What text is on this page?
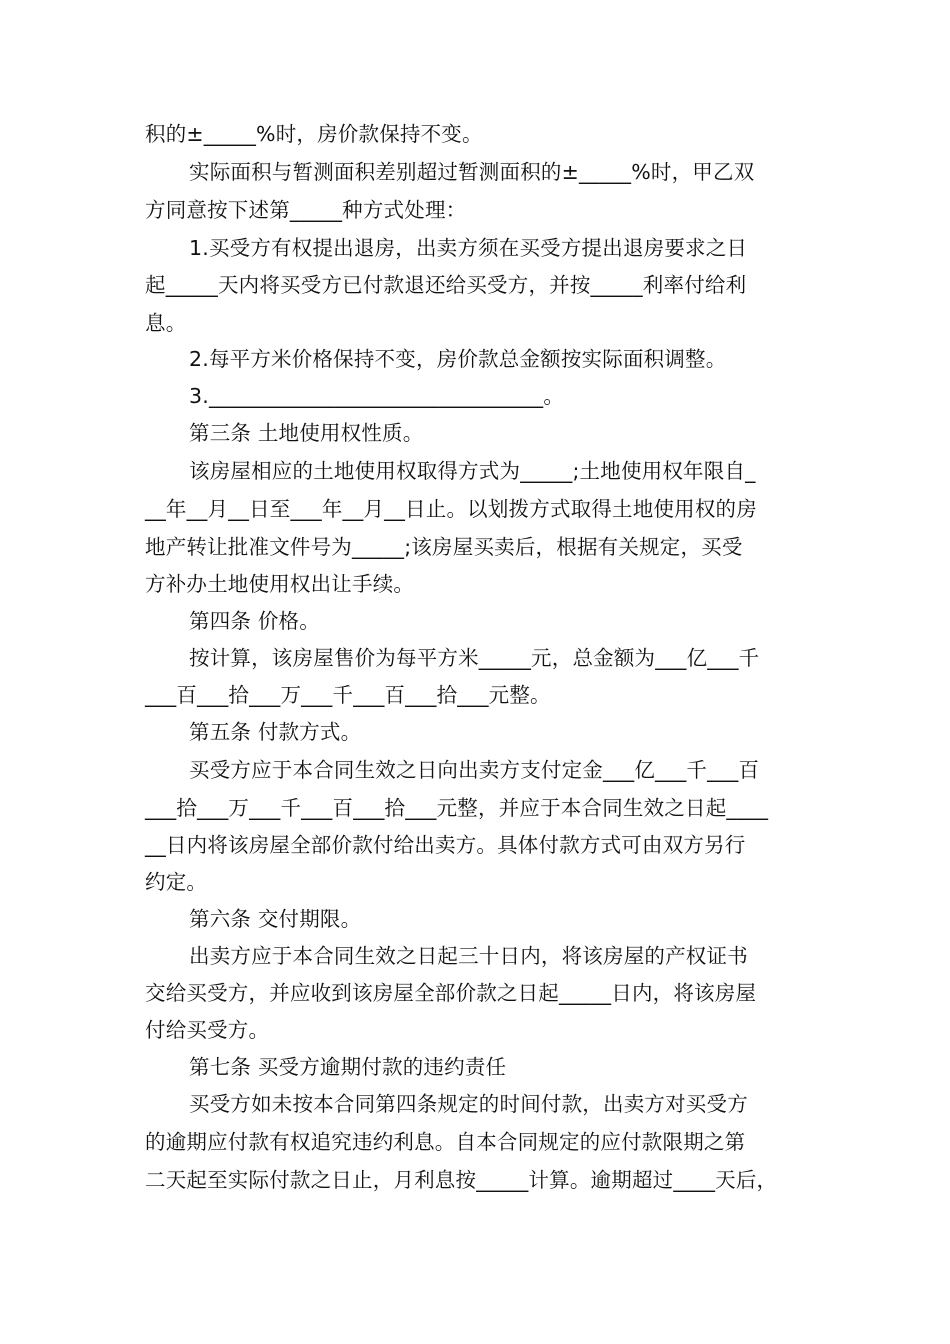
积的±_____%时，房价款保持不变。
实际面积与暂测面积差别超过暂测面积的±_____%时，甲乙双
方同意按下述第_____种方式处理：
1.买受方有权提出退房，出卖方须在买受方提出退房要求之日
起_____天内将买受方已付款退还给买受方，并按_____利率付给利
息。
2.每平方米价格保持不变，房价款总金额按实际面积调整。
3.________________________________。
第三条 土地使用权性质。
该房屋相应的土地使用权取得方式为_____;土地使用权年限自_
__年__月__日至___年__月__日止。以划拨方式取得土地使用权的房
地产转让批准文件号为_____;该房屋买卖后，根据有关规定，买受
方补办土地使用权出让手续。
第四条 价格。
按计算，该房屋售价为每平方米_____元，总金额为___亿___千
___百___拾___万___千___百___拾___元整。
第五条 付款方式。
买受方应于本合同生效之日向出卖方支付定金___亿___千___百
___拾___万___千___百___拾___元整，并应于本合同生效之日起____
__日内将该房屋全部价款付给出卖方。具体付款方式可由双方另行
约定。
第六条 交付期限。
出卖方应于本合同生效之日起三十日内，将该房屋的产权证书
交给买受方，并应收到该房屋全部价款之日起_____日内，将该房屋
付给买受方。
第七条 买受方逾期付款的违约责任
买受方如未按本合同第四条规定的时间付款，出卖方对买受方
的逾期应付款有权追究违约利息。自本合同规定的应付款限期之第
二天起至实际付款之日止，月利息按_____计算。逾期超过____天后，
